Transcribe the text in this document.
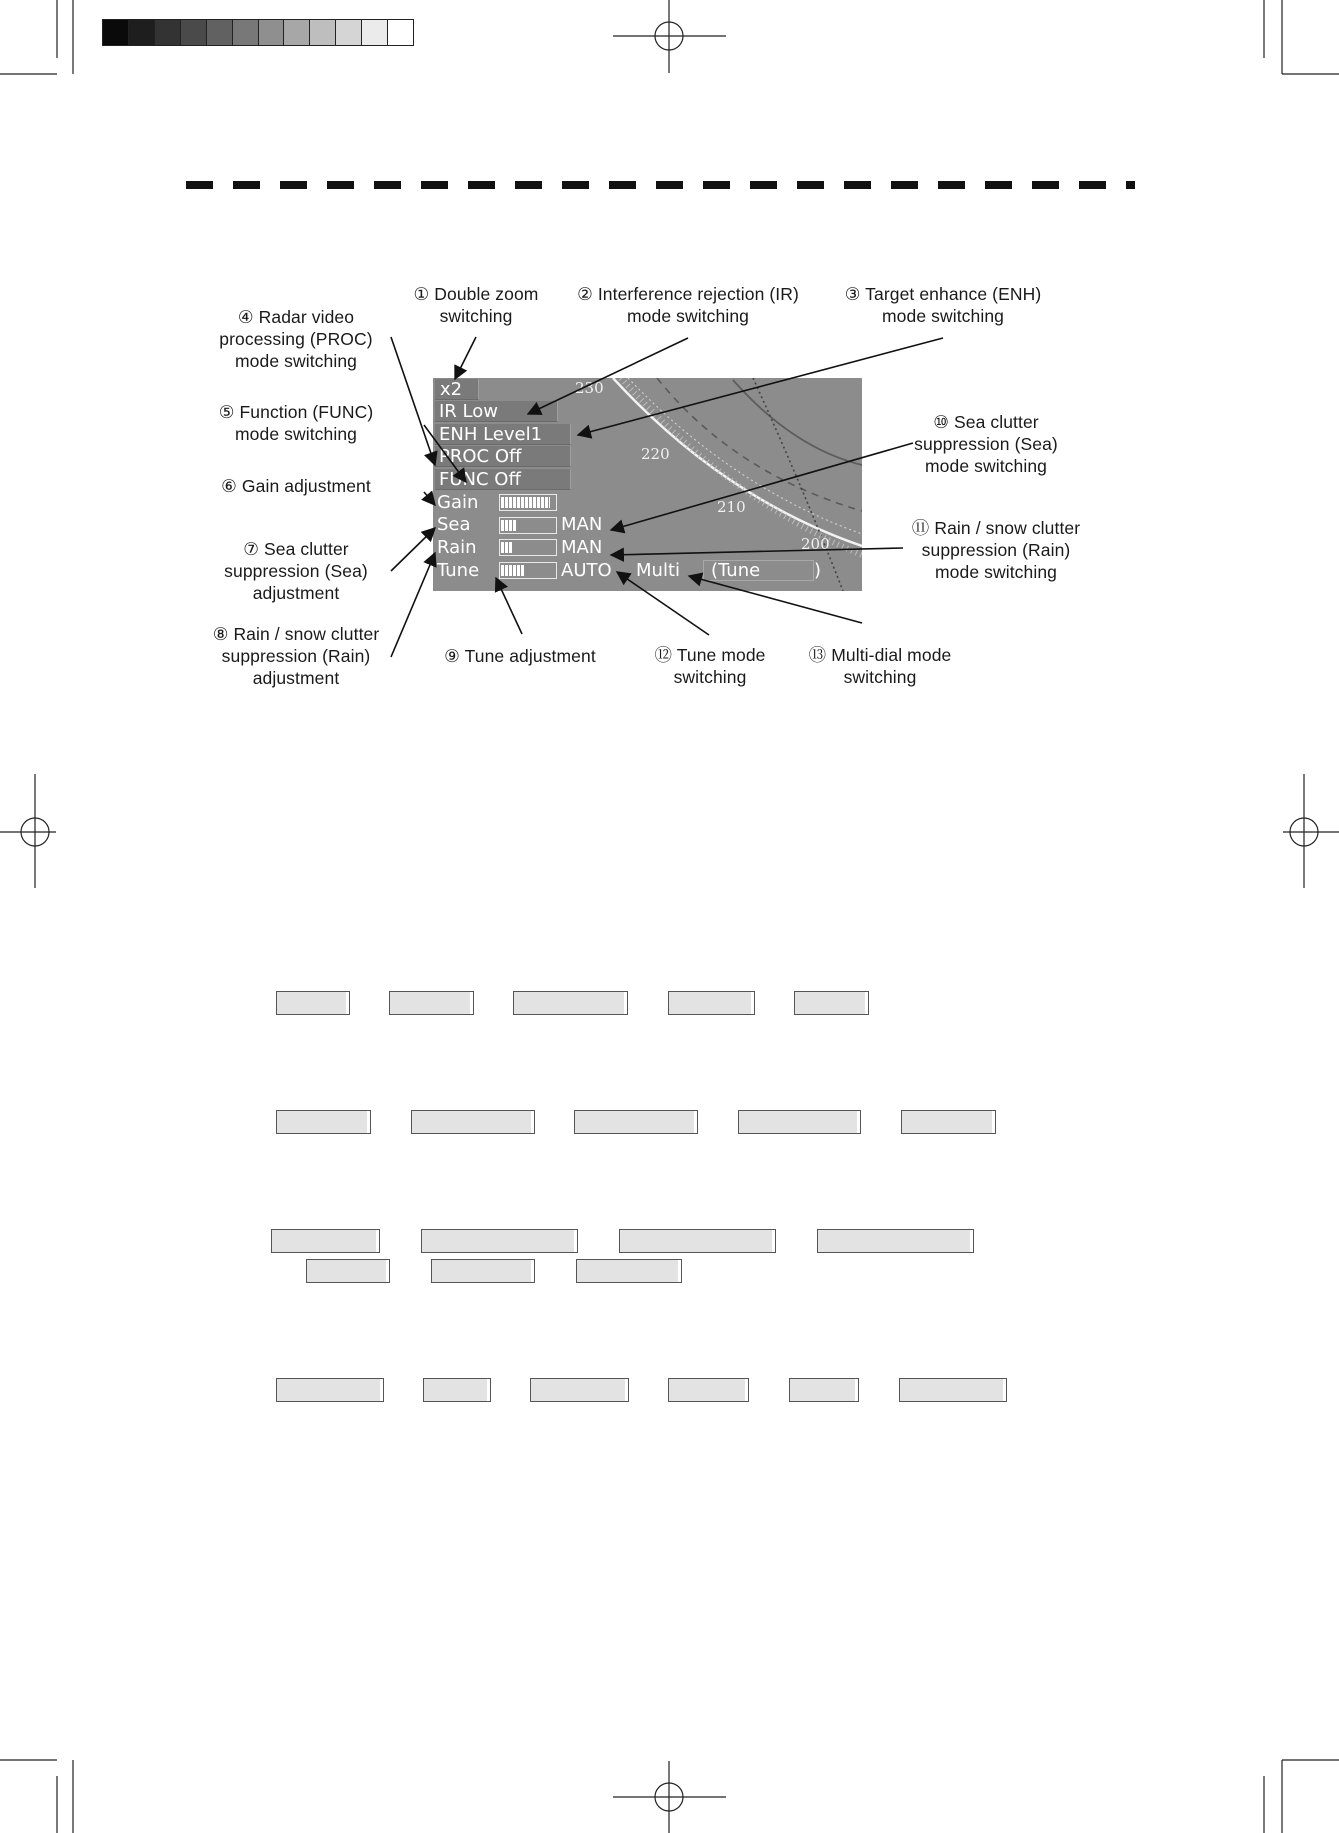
① Double zoom
switching
② Interference rejection (IR)
mode switching
③ Target enhance (ENH)
mode switching
④ Radar video
processing (PROC)
mode switching
⑤ Function (FUNC)
mode switching
⑥ Gain adjustment
⑦ Sea clutter
suppression (Sea)
adjustment
⑧ Rain / snow clutter
suppression (Rain)
adjustment
⑨ Tune adjustment
⑩ Sea clutter
suppression (Sea)
mode switching
⑪ Rain / snow clutter
suppression (Rain)
mode switching
⑫ Tune mode
switching
⑬ Multi-dial mode
switching
230
220
210
200
x2
IR Low
ENH Level1
PROC Off
FUNC Off
Gain
Sea	MAN
Rain	MAN
Tune	AUTO Multi (Tune	)
